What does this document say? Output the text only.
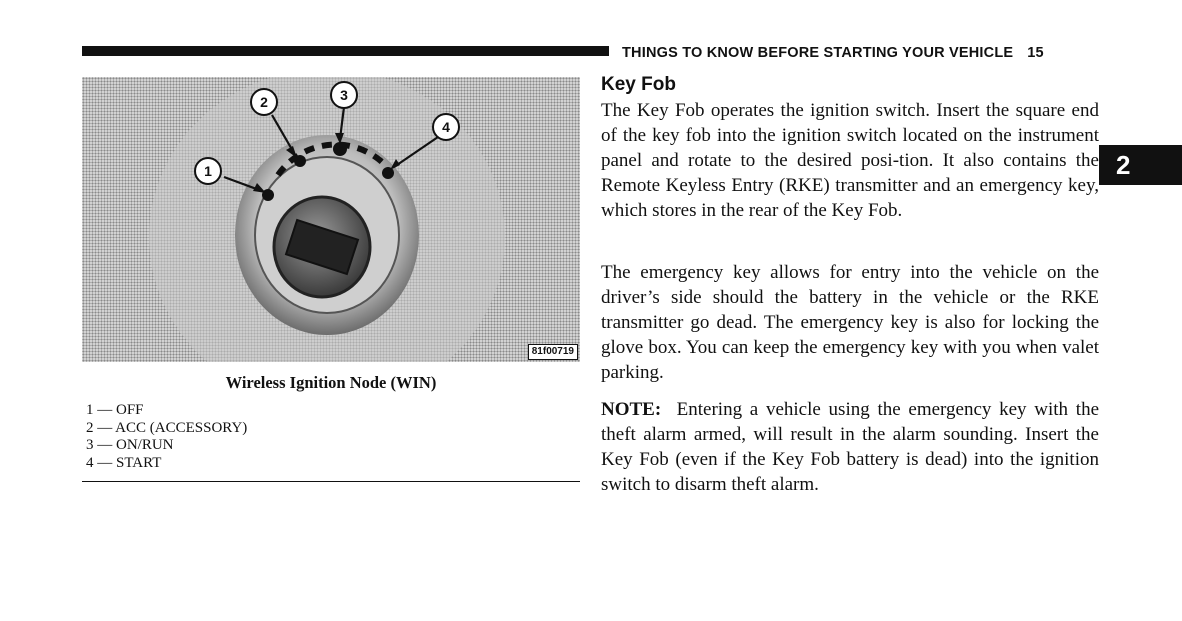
THINGS TO KNOW BEFORE STARTING YOUR VEHICLE 15
2
1
2	3
4
81f00719
Wireless Ignition Node (WIN)
1 — OFF
2 — ACC (ACCESSORY)
3 — ON/RUN
4 — START
Key Fob

The Key Fob operates the ignition switch. Insert the square end of the key fob into the ignition switch located on the instrument panel and rotate to the desired posi-tion. It also contains the Remote Keyless Entry (RKE) transmitter and an emergency key, which stores in the rear of the Key Fob.

The emergency key allows for entry into the vehicle on the driver’s side should the battery in the vehicle or the RKE transmitter go dead. The emergency key is also for locking the glove box. You can keep the emergency key with you when valet parking.

NOTE: Entering a vehicle using the emergency key with the theft alarm armed, will result in the alarm sounding. Insert the Key Fob (even if the Key Fob battery is dead) into the ignition switch to disarm theft alarm.
